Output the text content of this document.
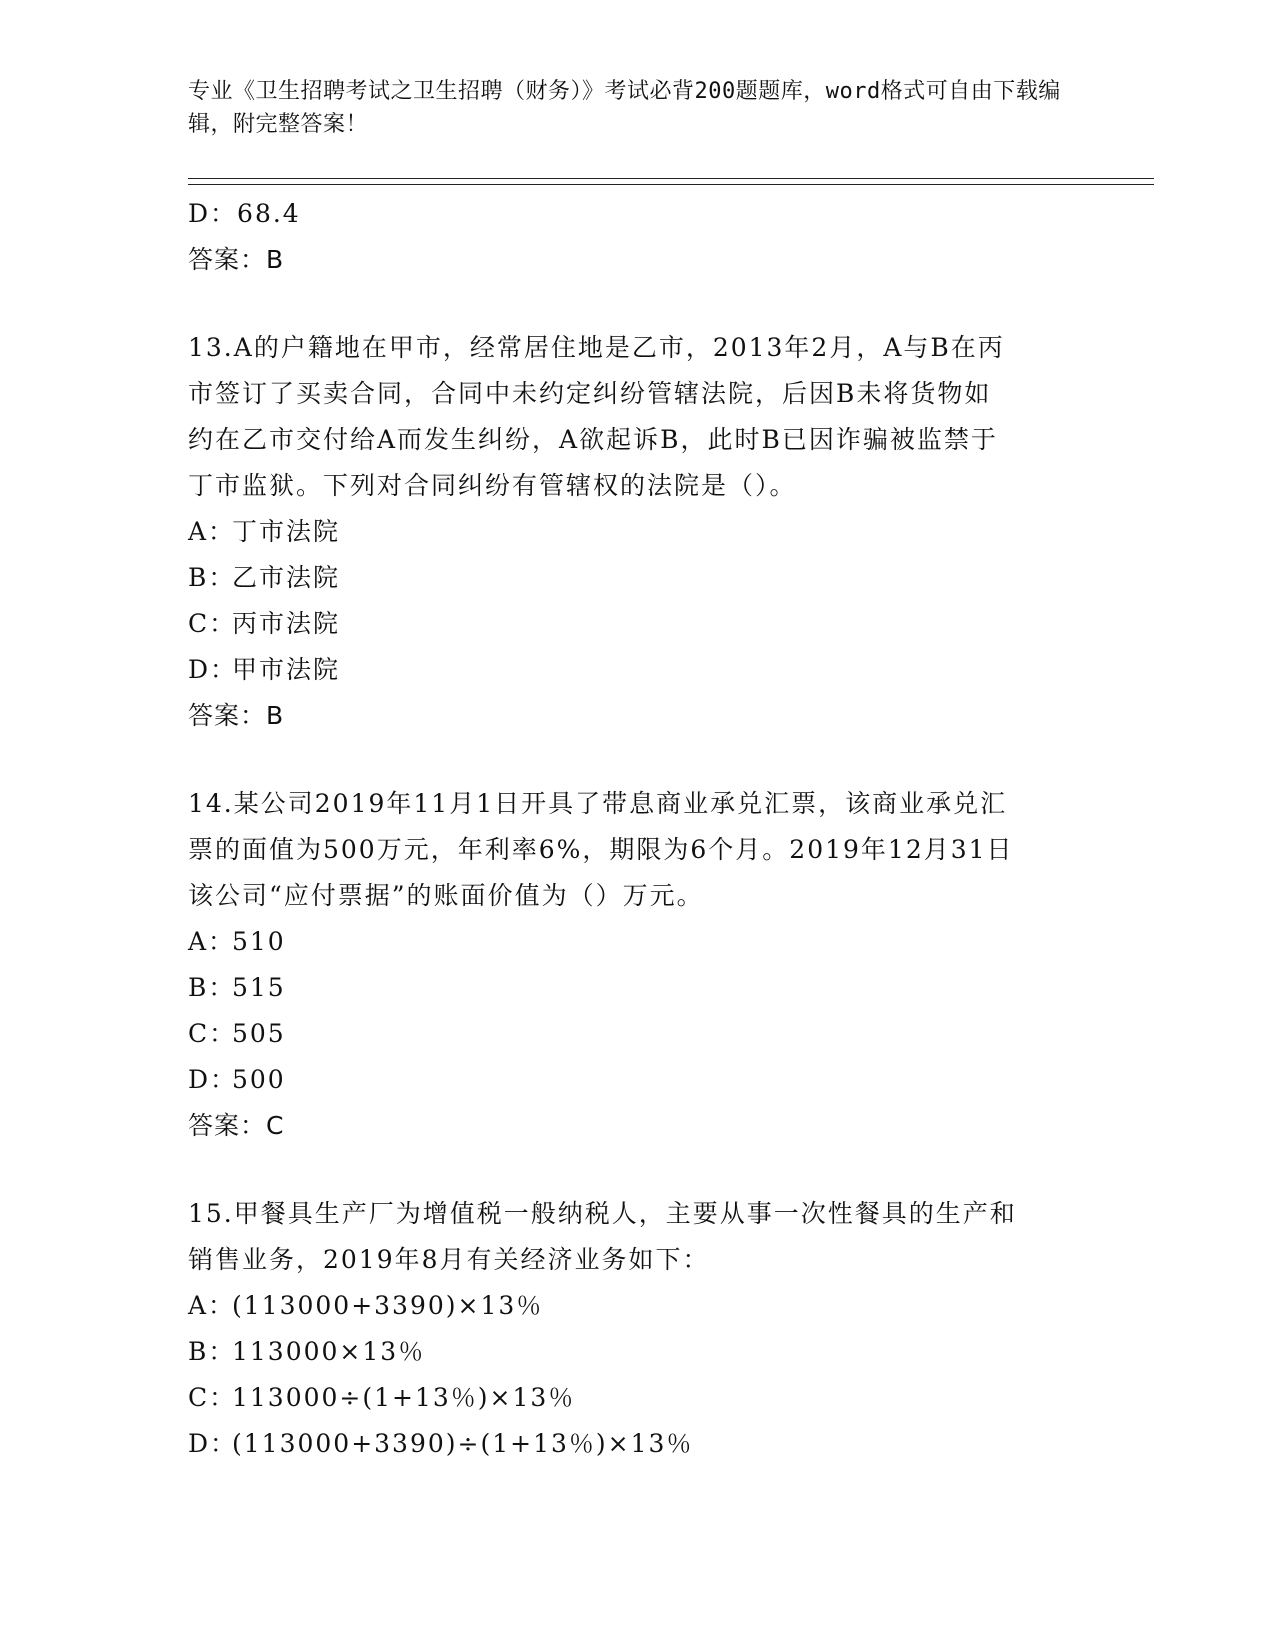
专业《卫生招聘考试之卫生招聘（财务）》考试必背200题题库，word格式可自由下载编辑，附完整答案！
D：68.4
答案：B
13.A的户籍地在甲市，经常居住地是乙市，2013年2月，A与B在丙
市签订了买卖合同，合同中未约定纠纷管辖法院，后因B未将货物如
约在乙市交付给A而发生纠纷，A欲起诉B，此时B已因诈骗被监禁于
丁市监狱。下列对合同纠纷有管辖权的法院是（）。
A：丁市法院
B：乙市法院
C：丙市法院
D：甲市法院
答案：B
14.某公司2019年11月1日开具了带息商业承兑汇票，该商业承兑汇
票的面值为500万元，年利率6%，期限为6个月。2019年12月31日
该公司“应付票据”的账面价值为（）万元。
A：510
B：515
C：505
D：500
答案：C
15.甲餐具生产厂为增值税一般纳税人，主要从事一次性餐具的生产和
销售业务，2019年8月有关经济业务如下：
A：(113000+3390)×13％
B：113000×13％
C：113000÷(1+13％)×13％
D：(113000+3390)÷(1+13％)×13％
